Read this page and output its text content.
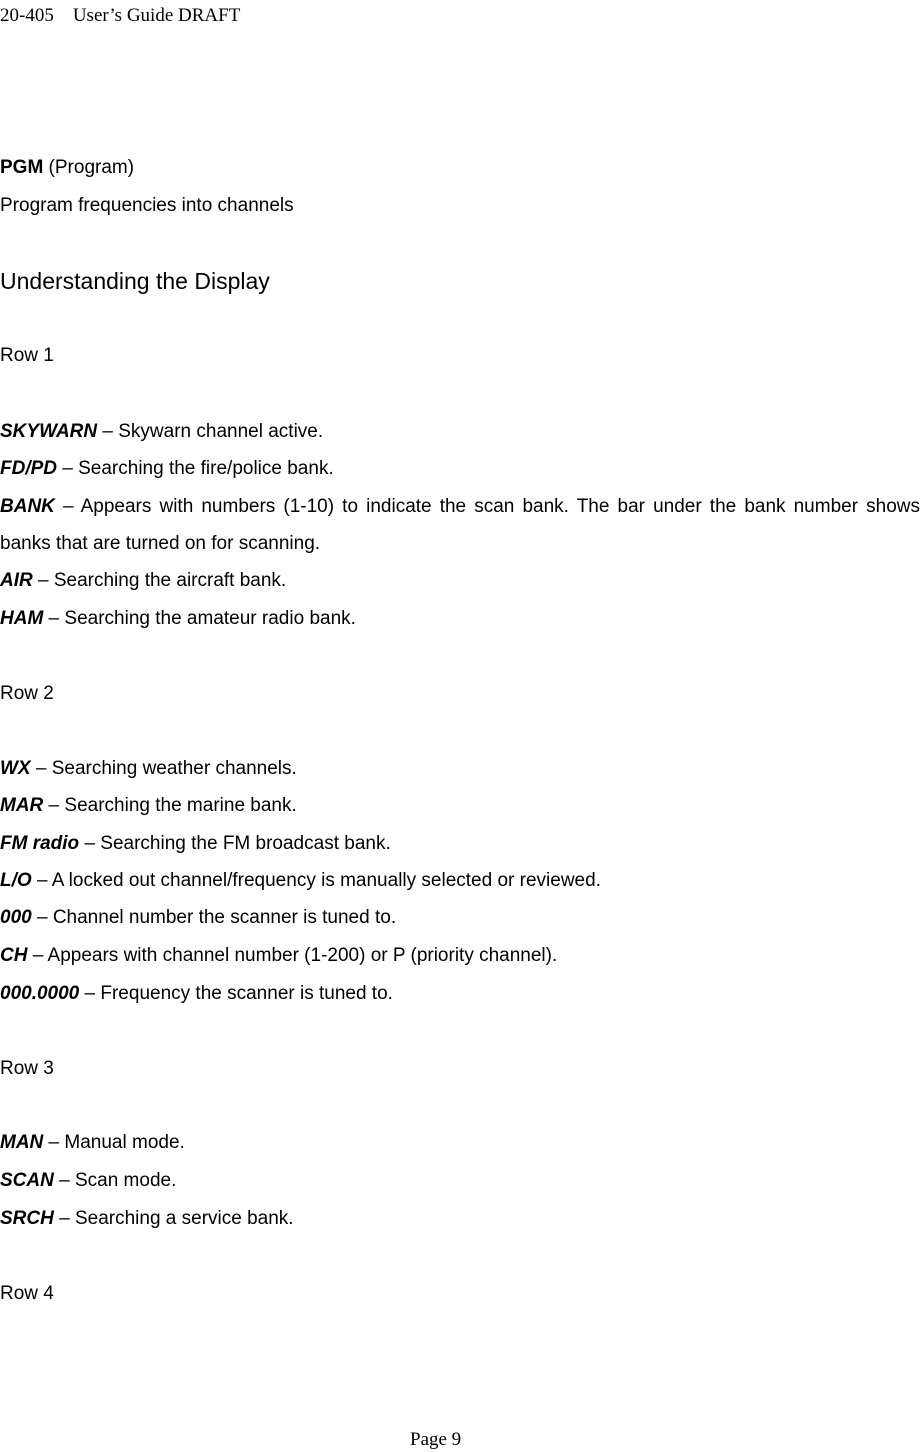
20-405　User’s Guide DRAFT
PGM (Program)
Program frequencies into channels
Understanding the Display
Row 1
SKYWARN – Skywarn channel active.
FD/PD – Searching the fire/police bank.
BANK – Appears with numbers (1-10) to indicate the scan bank. The bar under the bank number shows banks that are turned on for scanning.
AIR – Searching the aircraft bank.
HAM – Searching the amateur radio bank.
Row 2
WX – Searching weather channels.
MAR – Searching the marine bank.
FM radio – Searching the FM broadcast bank.
L/O – A locked out channel/frequency is manually selected or reviewed.
000 – Channel number the scanner is tuned to.
CH – Appears with channel number (1-200) or P (priority channel).
000.0000 – Frequency the scanner is tuned to.
Row 3
MAN – Manual mode.
SCAN – Scan mode.
SRCH – Searching a service bank.
Row 4
Page 9
